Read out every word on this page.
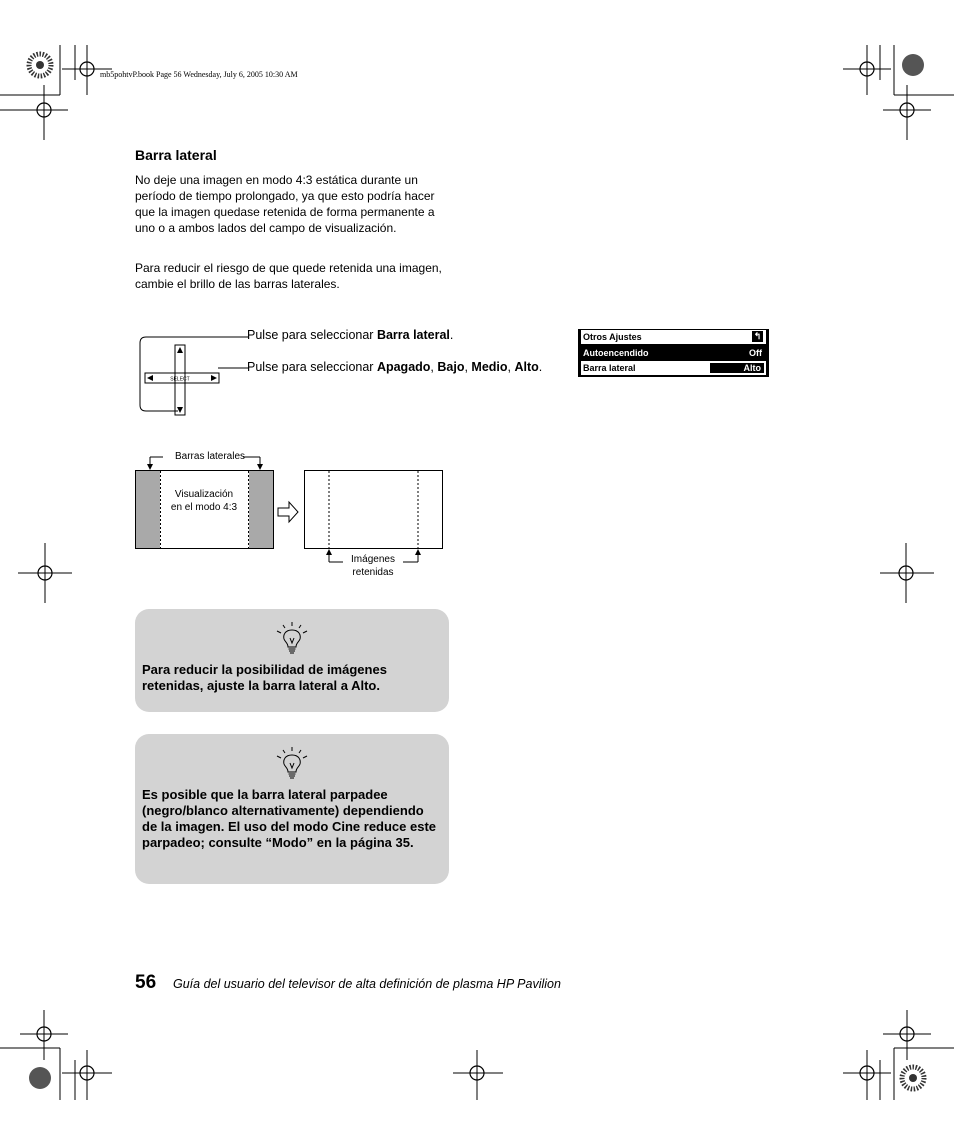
mb5pohtvP.book Page 56 Wednesday, July 6, 2005 10:30 AM
Barra lateral
No deje una imagen en modo 4:3 estática durante un período de tiempo prolongado, ya que esto podría hacer que la imagen quedase retenida de forma permanente a uno o a ambos lados del campo de visualización.
Para reducir el riesgo de que quede retenida una imagen, cambie el brillo de las barras laterales.
SELECT
Pulse para seleccionar Barra lateral.
Pulse para seleccionar Apagado, Bajo, Medio, Alto.
Otros Ajustes	↰
Autoencendido	Off
Barra lateral	Alto
Barras laterales
Visualización
en el modo 4:3
Imágenes
retenidas
Para reducir la posibilidad de imágenes retenidas, ajuste la barra lateral a Alto.
Es posible que la barra lateral parpadee (negro/blanco alternativamente) dependiendo de la imagen. El uso del modo Cine reduce este parpadeo; consulte “Modo” en la página 35.
56 Guía del usuario del televisor de alta definición de plasma HP Pavilion
